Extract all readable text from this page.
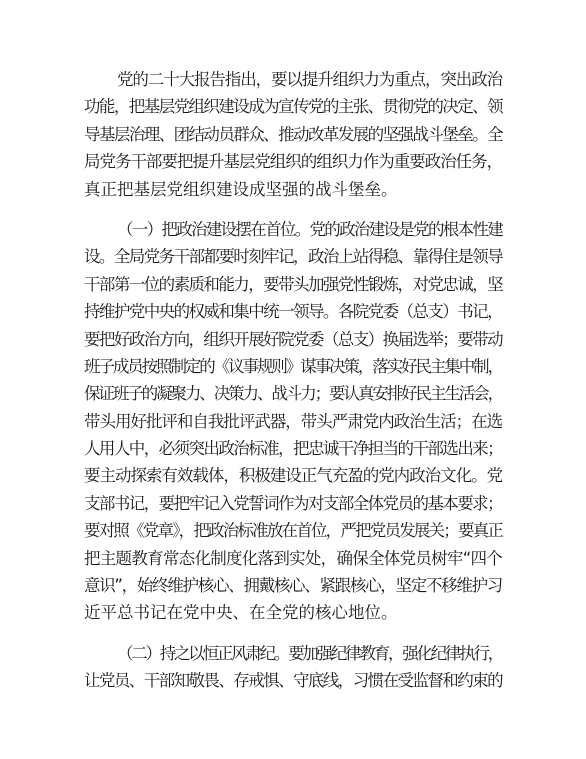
党的二十大报告指出，要以提升组织力为重点，突出政治
功能，把基层党组织建设成为宣传党的主张、贯彻党的决定、领
导基层治理、团结动员群众、推动改革发展的坚强战斗堡垒。全
局党务干部要把提升基层党组织的组织力作为重要政治任务，
真正把基层党组织建设成坚强的战斗堡垒。
（一）把政治建设摆在首位。党的政治建设是党的根本性建
设。全局党务干部都要时刻牢记，政治上站得稳、靠得住是领导
干部第一位的素质和能力，要带头加强党性锻炼，对党忠诚，坚
持维护党中央的权威和集中统一领导。各院党委（总支）书记，
要把好政治方向，组织开展好院党委（总支）换届选举；要带动
班子成员按照制定的《议事规则》谋事决策，落实好民主集中制，
保证班子的凝聚力、决策力、战斗力；要认真安排好民主生活会，
带头用好批评和自我批评武器，带头严肃党内政治生活；在选
人用人中，必须突出政治标准，把忠诚干净担当的干部选出来；
要主动探索有效载体，积极建设正气充盈的党内政治文化。党
支部书记，要把牢记入党誓词作为对支部全体党员的基本要求；
要对照《党章》，把政治标准放在首位，严把党员发展关；要真正
把主题教育常态化制度化落到实处，确保全体党员树牢“四个
意识”，始终维护核心、拥戴核心、紧跟核心，坚定不移维护习
近平总书记在党中央、在全党的核心地位。
（二）持之以恒正风肃纪。要加强纪律教育，强化纪律执行，
让党员、干部知敬畏、存戒惧、守底线，习惯在受监督和约束的
